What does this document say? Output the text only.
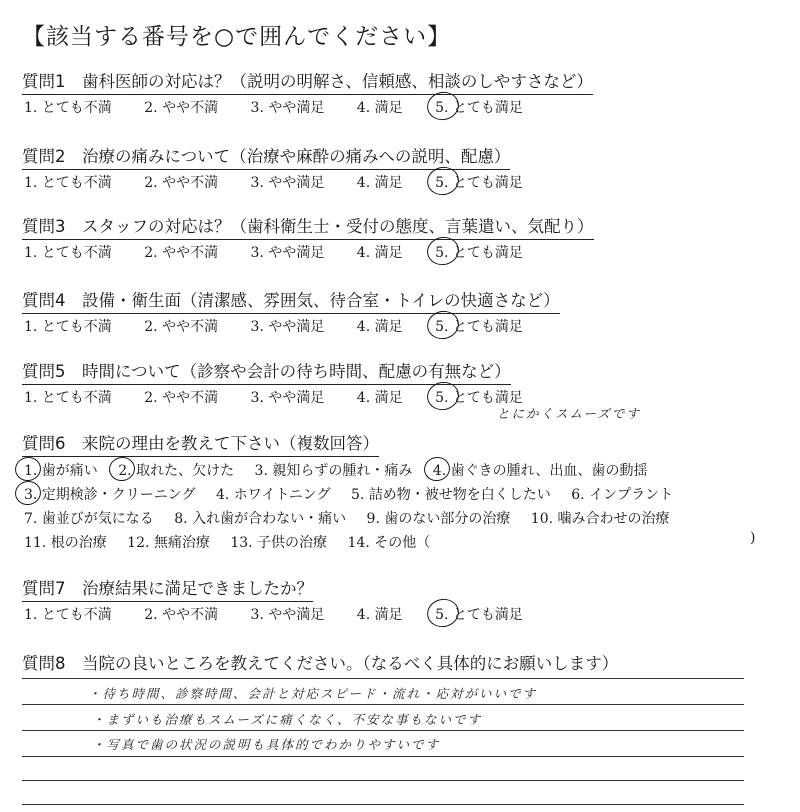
【該当する番号を○で囲んでください】
質問1　歯科医師の対応は？（説明の明解さ、信頼感、相談のしやすさなど）
1. とても不満 2. やや不満 3. やや満足 4. 満足 5. とても満足
質問2　治療の痛みについて（治療や麻酔の痛みへの説明、配慮）
1. とても不満 2. やや不満 3. やや満足 4. 満足 5. とても満足
質問3　スタッフの対応は？（歯科衛生士・受付の態度、言葉遣い、気配り）
1. とても不満 2. やや不満 3. やや満足 4. 満足 5. とても満足
質問4　設備・衛生面（清潔感、雰囲気、待合室・トイレの快適さなど）
1. とても不満 2. やや不満 3. やや満足 4. 満足 5. とても満足
質問5　時間について（診察や会計の待ち時間、配慮の有無など）
1. とても不満 2. やや不満 3. やや満足 4. 満足 5. とても満足
とにかくスムーズです
質問6　来院の理由を教えて下さい（複数回答）
1. 歯が痛い 2. 取れた、欠けた 3. 親知らずの腫れ・痛み 4. 歯ぐきの腫れ、出血、歯の動揺
3. 定期検診・クリーニング 4. ホワイトニング 5. 詰め物・被せ物を白くしたい 6. インプラント
7. 歯並びが気になる 8. 入れ歯が合わない・痛い 9. 歯のない部分の治療 10. 噛み合わせの治療
11. 根の治療 12. 無痛治療 13. 子供の治療 14. その他（	)
質問7　治療結果に満足できましたか？
1. とても不満 2. やや不満 3. やや満足 4. 満足 5. とても満足
質問8　当院の良いところを教えてください。（なるべく具体的にお願いします）
・待ち時間、診察時間、会計と対応スピード・流れ・応対がいいです
・まずいも治療もスムーズに痛くなく、不安な事もないです
・写真で歯の状況の説明も具体的でわかりやすいです
